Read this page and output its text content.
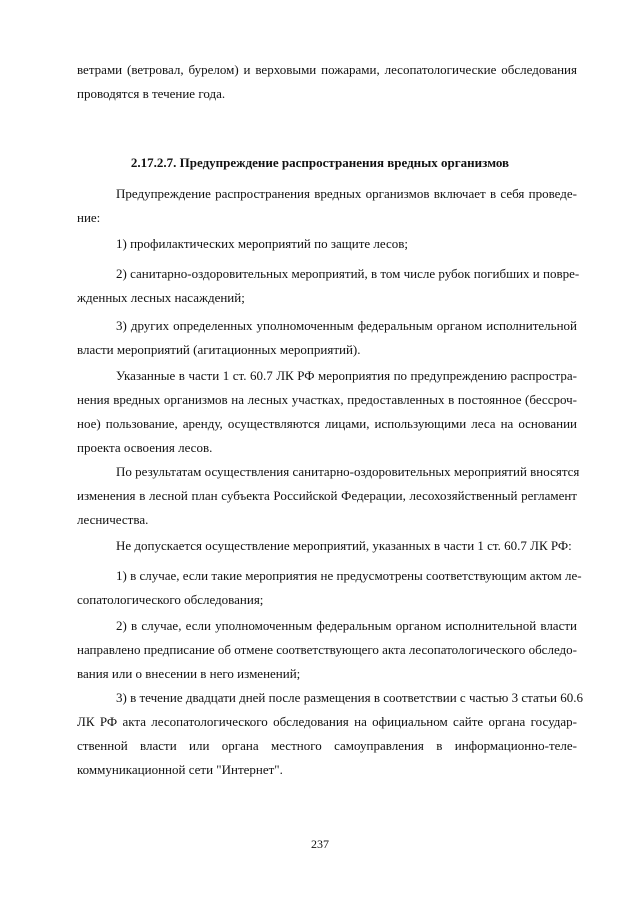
ветрами (ветровал, бурелом) и верховыми пожарами, лесопатологические обследования
проводятся в течение года.
2.17.2.7. Предупреждение распространения вредных организмов
Предупреждение распространения вредных организмов включает в себя проведе-
ние:
1) профилактических мероприятий по защите лесов;
2) санитарно-оздоровительных мероприятий, в том числе рубок погибших и повре-
жденных лесных насаждений;
3) других определенных уполномоченным федеральным органом исполнительной
власти мероприятий (агитационных мероприятий).
Указанные в части 1 ст. 60.7 ЛК РФ мероприятия по предупреждению распростра-
нения вредных организмов на лесных участках, предоставленных в постоянное (бессроч-
ное) пользование, аренду, осуществляются лицами, использующими леса на основании
проекта освоения лесов.
По результатам осуществления санитарно-оздоровительных мероприятий вносятся
изменения в лесной план субъекта Российской Федерации, лесохозяйственный регламент
лесничества.
Не допускается осуществление мероприятий, указанных в части 1 ст. 60.7 ЛК РФ:
1) в случае, если такие мероприятия не предусмотрены соответствующим актом ле-
сопатологического обследования;
2) в случае, если уполномоченным федеральным органом исполнительной власти
направлено предписание об отмене соответствующего акта лесопатологического обследо-
вания или о внесении в него изменений;
3) в течение двадцати дней после размещения в соответствии с частью 3 статьи 60.6
ЛК РФ акта лесопатологического обследования на официальном сайте органа государ-
ственной власти или органа местного самоуправления в информационно-теле-
коммуникационной сети "Интернет".
237
